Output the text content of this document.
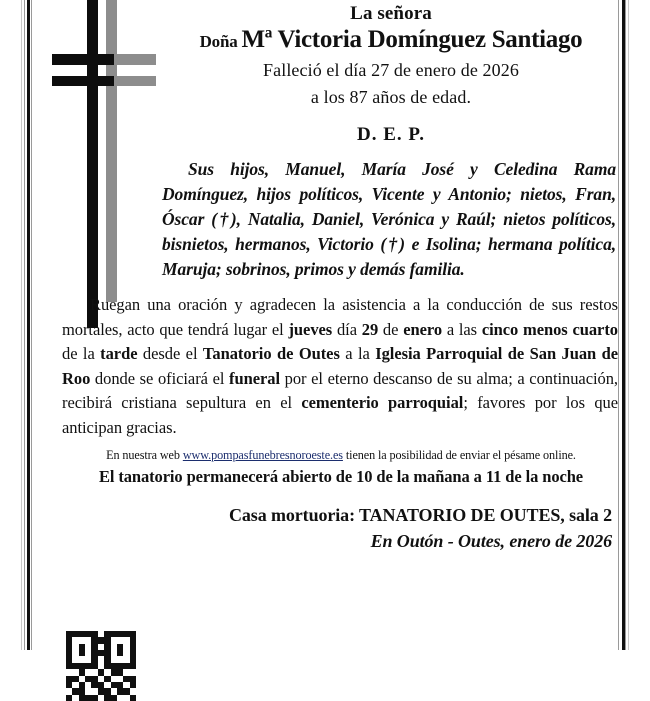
La señora
Doña Mª Victoria Domínguez Santiago
Falleció el día 27 de enero de 2026
a los 87 años de edad.
D. E. P.
Sus hijos, Manuel, María José y Celedina Rama Domínguez, hijos políticos, Vicente y Antonio; nietos, Fran, Óscar (†), Natalia, Daniel, Verónica y Raúl; nietos políticos, bisnietos, hermanos, Victorio (†) e Isolina; hermana política, Maruja; sobrinos, primos y demás familia.

Ruegan una oración y agradecen la asistencia a la conducción de sus restos mortales, acto que tendrá lugar el jueves día 29 de enero a las cinco menos cuarto de la tarde desde el Tanatorio de Outes a la Iglesia Parroquial de San Juan de Roo donde se oficiará el funeral por el eterno descanso de su alma; a continuación, recibirá cristiana sepultura en el cementerio parroquial; favores por los que anticipan gracias.

En nuestra web www.pompasfunebresnoroeste.es tienen la posibilidad de enviar el pésame online.
El tanatorio permanecerá abierto de 10 de la mañana a 11 de la noche
Casa mortuoria: TANATORIO DE OUTES, sala 2
En Outón - Outes, enero de 2026
